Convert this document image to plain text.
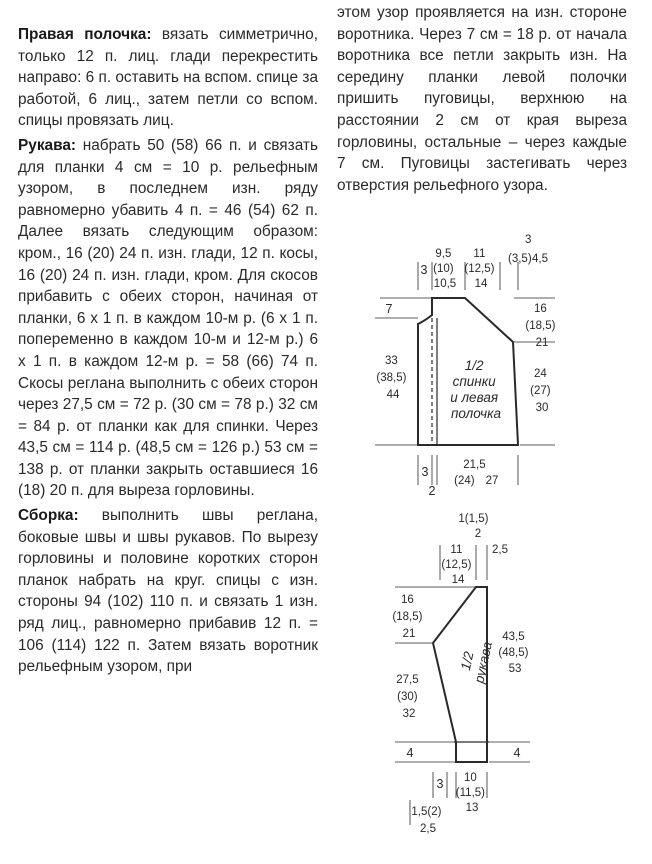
Правая полочка: вязать симметрично, только 12 п. лиц. глади перекрестить направо: 6 п. оставить на вспом. спице за работой, 6 лиц., затем петли со вспом. спицы провязать лиц.

Рукава: набрать 50 (58) 66 п. и связать для планки 4 см = 10 р. рельефным узором, в последнем изн. ряду равномерно убавить 4 п. = 46 (54) 62 п. Далее вязать следующим образом: кром., 16 (20) 24 п. изн. глади, 12 п. косы, 16 (20) 24 п. изн. глади, кром. Для скосов прибавить с обеих сторон, начиная от планки, 6 х 1 п. в каждом 10-м р. (6 х 1 п. попеременно в каждом 10-м и 12-м р.) 6 х 1 п. в каждом 12-м р. = 58 (66) 74 п. Скосы реглана выполнить с обеих сторон через 27,5 см = 72 р. (30 см = 78 р.) 32 см = 84 р. от планки как для спинки. Через 43,5 см = 114 р. (48,5 см = 126 р.) 53 см = 138 р. от планки закрыть оставшиеся 16 (18) 20 п. для выреза горловины.

Сборка: выполнить швы реглана, боковые швы и швы рукавов. По вырезу горловины и половине коротких сторон планок набрать на круг. спицы с изн. стороны 94 (102) 110 п. и связать 1 изн. ряд лиц., равномерно прибавив 12 п. = 106 (114) 122 п. Затем вязать воротник рельефным узором, при

этом узор проявляется на изн. стороне воротника. Через 7 см = 18 р. от начала воротника все петли закрыть изн. На середину планки левой полочки пришить пуговицы, верхнюю на расстоянии 2 см от края выреза горловины, остальные – через каждые 7 см. Пуговицы застегивать через отверстия рельефного узора.

1/2 спинки и левая полочка
3
9,5 (10) 10,5
11 (12,5) 14
3 (3,5) 4,5
7
33 (38,5) 44
16 (18,5) 21
24 (27) 30
3
2
21,5 (24) 27
1/2 рукава
1(1,5) 2
11 (12,5) 14
2,5
16 (18,5) 21
27,5 (30) 32
43,5 (48,5) 53
4	4
3	10 (11,5) 13
1,5(2) 2,5
